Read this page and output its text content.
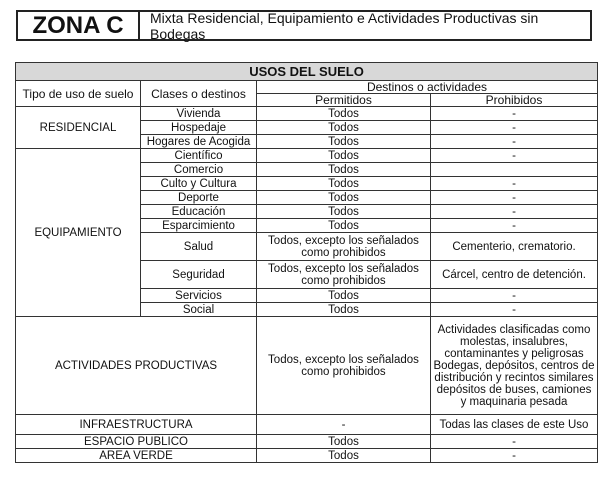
ZONA C	Mixta Residencial, Equipamiento e Actividades Productivas sin Bodegas
USOS DEL SUELO			
Tipo de uso de suelo	Clases o destinos	Destinos o actividades	
		Permitidos	Prohibidos
RESIDENCIAL	Vivienda	Todos	-
	Hospedaje	Todos	-
	Hogares de Acogida	Todos	-
EQUIPAMIENTO	Científico	Todos	-
	Comercio	Todos	
	Culto y Cultura	Todos	-
	Deporte	Todos	-
	Educación	Todos	-
	Esparcimiento	Todos	-
	Salud	Todos, excepto los señalados como prohibidos	Cementerio, crematorio.
	Seguridad	Todos, excepto los señalados como prohibidos	Cárcel, centro de detención.
	Servicios	Todos	-
	Social	Todos	-
ACTIVIDADES PRODUCTIVAS		Todos, excepto los señalados como prohibidos	Actividades clasificadas como molestas, insalubres, contaminantes y peligrosas Bodegas, depósitos, centros de distribución y recintos similares depósitos de buses, camiones y maquinaria pesada
INFRAESTRUCTURA		-	Todas las clases de este Uso
ESPACIO PUBLICO		Todos	-
AREA VERDE		Todos	-
